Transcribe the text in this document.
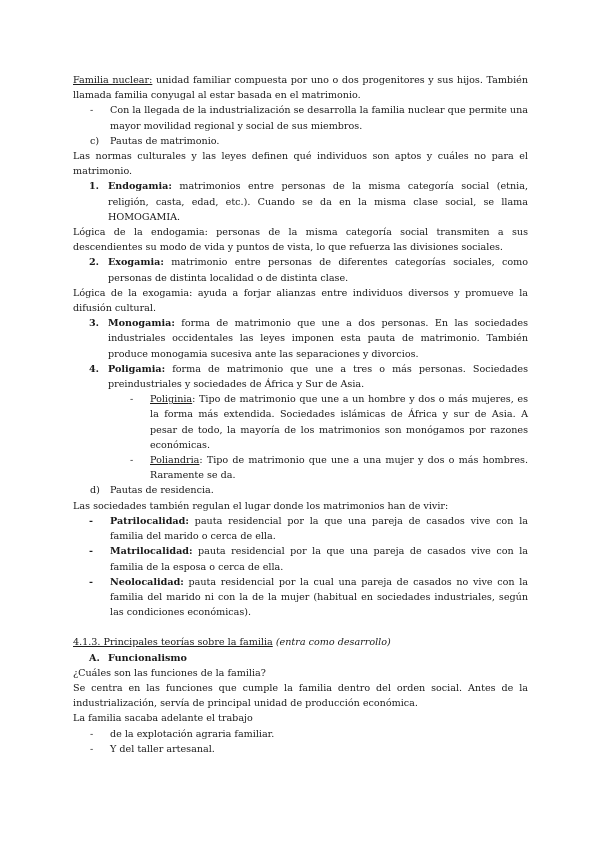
Familia nuclear: unidad familiar compuesta por uno o dos progenitores y sus hijos. También llamada familia conyugal al estar basada en el matrimonio.

- Con la llegada de la industrialización se desarrolla la familia nuclear que permite una mayor movilidad regional y social de sus miembros.
c) Pautas de matrimonio.

Las normas culturales y las leyes definen qué individuos son aptos y cuáles no para el matrimonio.

1. Endogamia: matrimonios entre personas de la misma categoría social (etnia, religión, casta, edad, etc.). Cuando se da en la misma clase social, se llama HOMOGAMIA.

Lógica de la endogamia: personas de la misma categoría social transmiten a sus descendientes su modo de vida y puntos de vista, lo que refuerza las divisiones sociales.

2. Exogamia: matrimonio entre personas de diferentes categorías sociales, como personas de distinta localidad o de distinta clase.

Lógica de la exogamia: ayuda a forjar alianzas entre individuos diversos y promueve la difusión cultural.

3. Monogamia: forma de matrimonio que une a dos personas. En las sociedades industriales occidentales las leyes imponen esta pauta de matrimonio. También produce monogamia sucesiva ante las separaciones y divorcios.
4. Poligamia: forma de matrimonio que une a tres o más personas. Sociedades preindustriales y sociedades de África y Sur de Asia.
- Poliginia: Tipo de matrimonio que une a un hombre y dos o más mujeres, es la forma más extendida. Sociedades islámicas de África y sur de Asia. A pesar de todo, la mayoría de los matrimonios son monógamos por razones económicas.
- Poliandria: Tipo de matrimonio que une a una mujer y dos o más hombres. Raramente se da.
d) Pautas de residencia.

Las sociedades también regulan el lugar donde los matrimonios han de vivir:

- Patrilocalidad: pauta residencial por la que una pareja de casados vive con la familia del marido o cerca de ella.
- Matrilocalidad: pauta residencial por la que una pareja de casados vive con la familia de la esposa o cerca de ella.
- Neolocalidad: pauta residencial por la cual una pareja de casados no vive con la familia del marido ni con la de la mujer (habitual en sociedades industriales, según las condiciones económicas).

4.1.3. Principales teorías sobre la familia (entra como desarrollo)

A. Funcionalismo

¿Cuáles son las funciones de la familia?

Se centra en las funciones que cumple la familia dentro del orden social. Antes de la industrialización, servía de principal unidad de producción económica.

La familia sacaba adelante el trabajo

- de la explotación agraria familiar.
- Y del taller artesanal.
